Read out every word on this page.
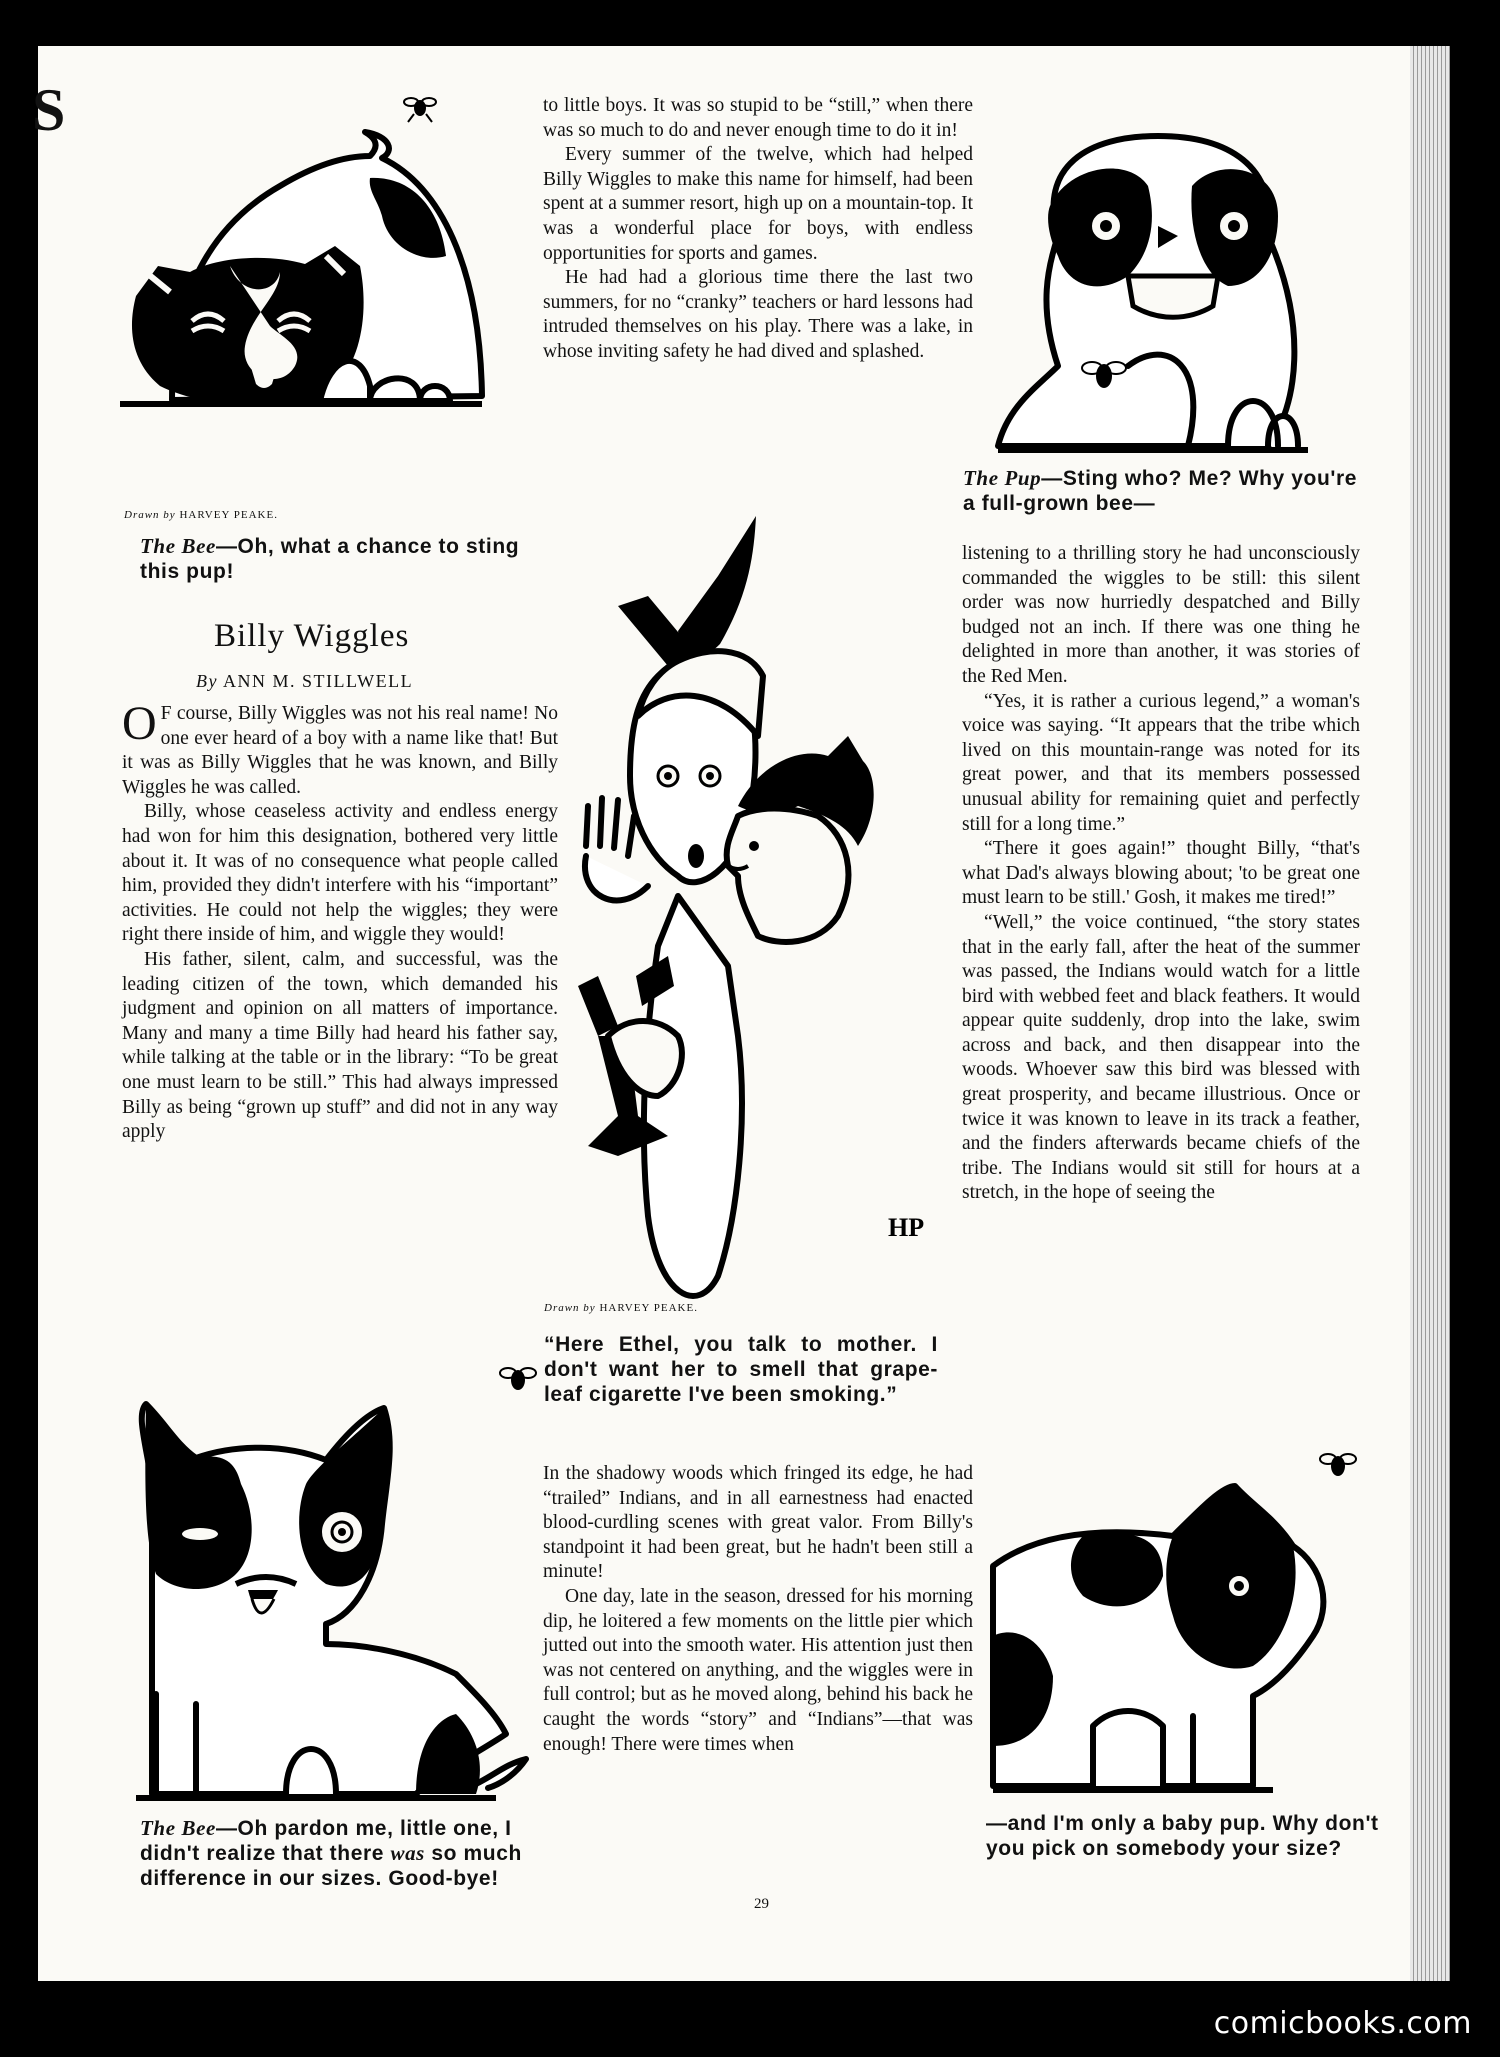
S
Drawn by HARVEY PEAKE.
The Bee—Oh, what a chance to sting this pup!
Billy Wiggles
By ANN M. STILLWELL

O F course, Billy Wiggles was not his real name! No one ever heard of a boy with a name like that! But it was as Billy Wiggles that he was known, and Billy Wiggles he was called.

Billy, whose ceaseless activity and endless energy had won for him this designation, bothered very little about it. It was of no consequence what people called him, provided they didn't interfere with his “important” activities. He could not help the wiggles; they were right there inside of him, and wiggle they would!

His father, silent, calm, and successful, was the leading citizen of the town, which demanded his judgment and opinion on all matters of importance. Many and many a time Billy had heard his father say, while talking at the table or in the library: “To be great one must learn to be still.” This had always impressed Billy as being “grown up stuff” and did not in any way apply

The Bee—Oh pardon me, little one, I didn't realize that there was so much difference in our sizes. Good-bye!

to little boys. It was so stupid to be “still,” when there was so much to do and never enough time to do it in!

Every summer of the twelve, which had helped Billy Wiggles to make this name for himself, had been spent at a summer resort, high up on a mountain-top. It was a wonderful place for boys, with endless opportunities for sports and games.

He had had a glorious time there the last two summers, for no “cranky” teachers or hard lessons had intruded themselves on his play. There was a lake, in whose inviting safety he had dived and splashed.

HP
Drawn by HARVEY PEAKE.
“Here Ethel, you talk to mother. I don't want her to smell that grape-leaf cigarette I've been smoking.”

In the shadowy woods which fringed its edge, he had “trailed” Indians, and in all earnestness had enacted blood-curdling scenes with great valor. From Billy's standpoint it had been great, but he hadn't been still a minute!

One day, late in the season, dressed for his morning dip, he loitered a few moments on the little pier which jutted out into the smooth water. His attention just then was not centered on anything, and the wiggles were in full control; but as he moved along, behind his back he caught the words “story” and “Indians”—that was enough! There were times when

The Pup—Sting who? Me? Why you're a full-grown bee—

listening to a thrilling story he had unconsciously commanded the wiggles to be still: this silent order was now hurriedly despatched and Billy budged not an inch. If there was one thing he delighted in more than another, it was stories of the Red Men.

“Yes, it is rather a curious legend,” a woman's voice was saying. “It appears that the tribe which lived on this mountain-range was noted for its great power, and that its members possessed unusual ability for remaining quiet and perfectly still for a long time.”

“There it goes again!” thought Billy, “that's what Dad's always blowing about; 'to be great one must learn to be still.' Gosh, it makes me tired!”

“Well,” the voice continued, “the story states that in the early fall, after the heat of the summer was passed, the Indians would watch for a little bird with webbed feet and black feathers. It would appear quite suddenly, drop into the lake, swim across and back, and then disappear into the woods. Whoever saw this bird was blessed with great prosperity, and became illustrious. Once or twice it was known to leave in its track a feather, and the finders afterwards became chiefs of the tribe. The Indians would sit still for hours at a stretch, in the hope of seeing the

—and I'm only a baby pup. Why don't you pick on somebody your size?
29
comicbooks.com
